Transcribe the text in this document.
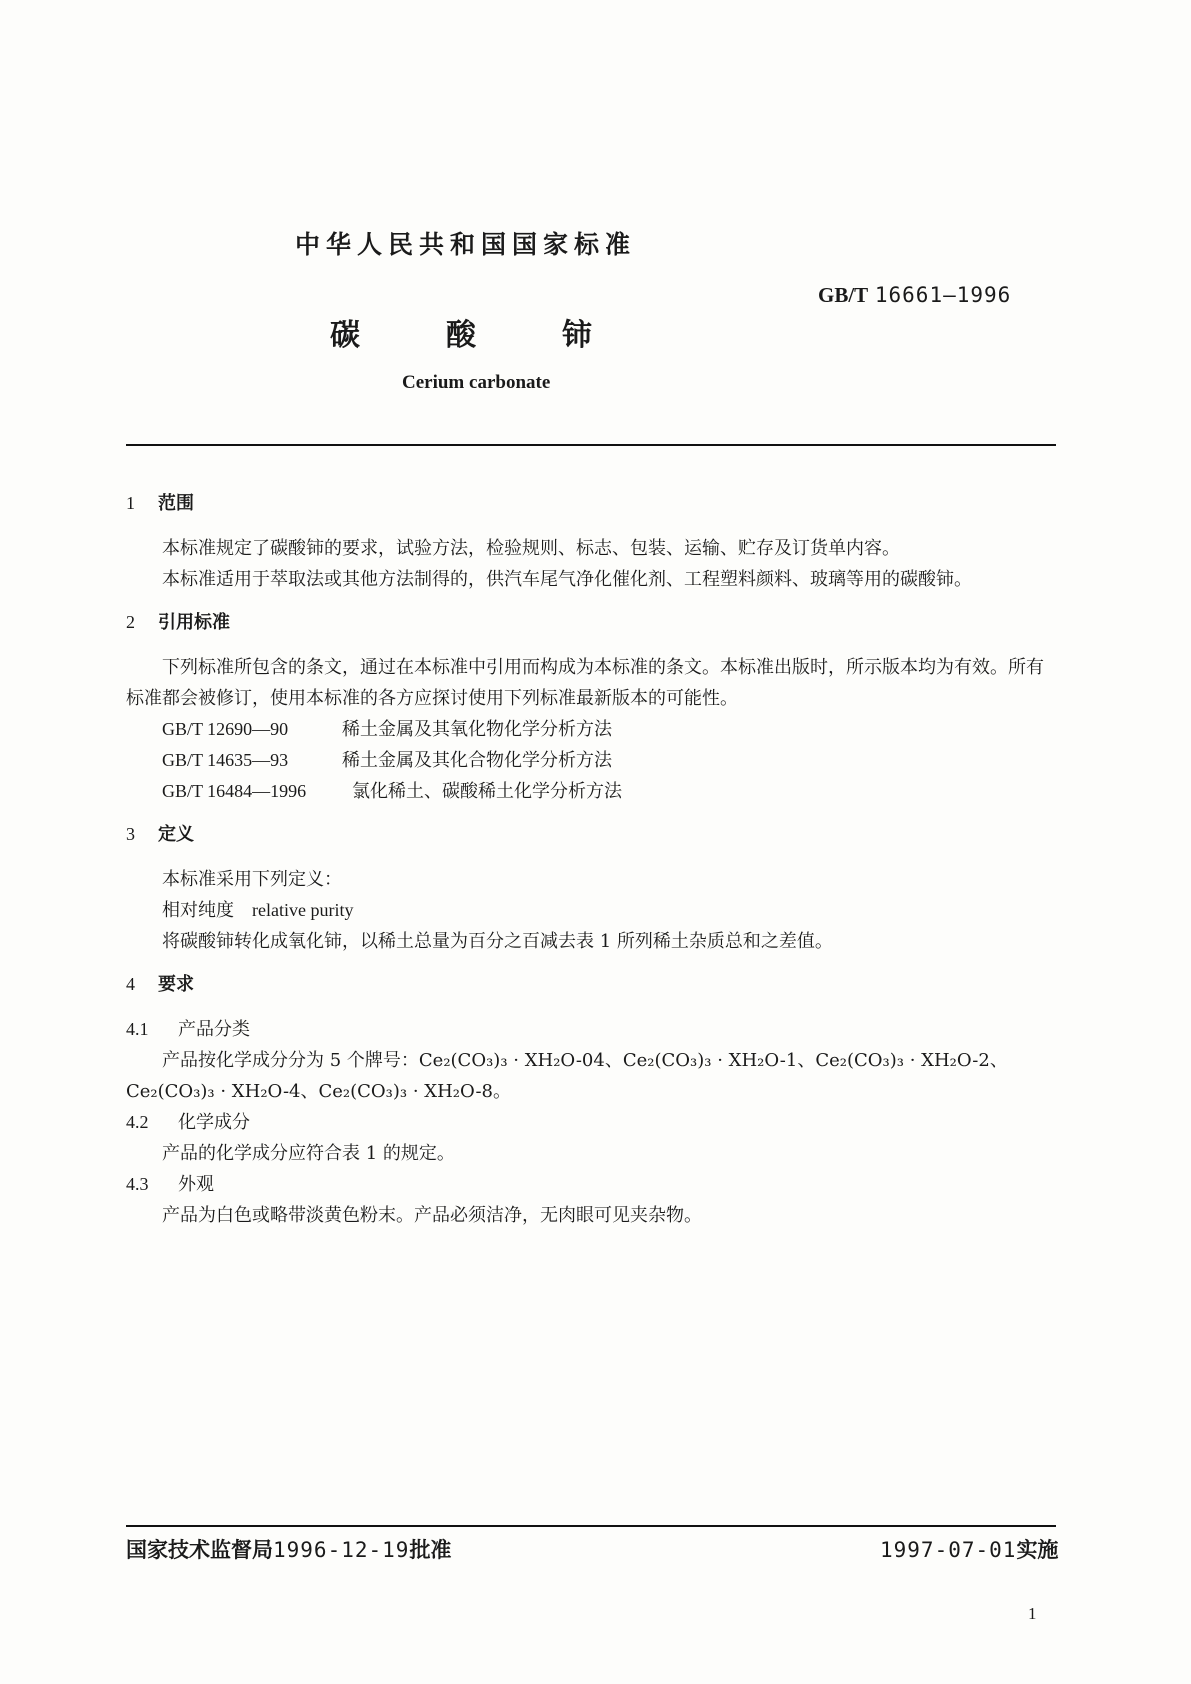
中华人民共和国国家标准
GB/T 16661—1996
碳酸铈
Cerium carbonate
1 范围

本标准规定了碳酸铈的要求，试验方法，检验规则、标志、包装、运输、贮存及订货单内容。

本标准适用于萃取法或其他方法制得的，供汽车尾气净化催化剂、工程塑料颜料、玻璃等用的碳酸铈。

2 引用标准

下列标准所包含的条文，通过在本标准中引用而构成为本标准的条文。本标准出版时，所示版本均为有效。所有标准都会被修订，使用本标准的各方应探讨使用下列标准最新版本的可能性。

GB/T 12690—90	稀土金属及其氧化物化学分析方法

GB/T 14635—93	稀土金属及其化合物化学分析方法

GB/T 16484—1996	氯化稀土、碳酸稀土化学分析方法

3 定义

本标准采用下列定义：

相对纯度 relative purity

将碳酸铈转化成氧化铈，以稀土总量为百分之百减去表 1 所列稀土杂质总和之差值。

4 要求

4.1 产品分类

产品按化学成分分为 5 个牌号：Ce₂(CO₃)₃ · XH₂O-04、Ce₂(CO₃)₃ · XH₂O-1、Ce₂(CO₃)₃ · XH₂O-2、Ce₂(CO₃)₃ · XH₂O-4、Ce₂(CO₃)₃ · XH₂O-8。

4.2 化学成分

产品的化学成分应符合表 1 的规定。

4.3 外观

产品为白色或略带淡黄色粉末。产品必须洁净，无肉眼可见夹杂物。

国家技术监督局1996-12-19批准	1997-07-01实施
1
